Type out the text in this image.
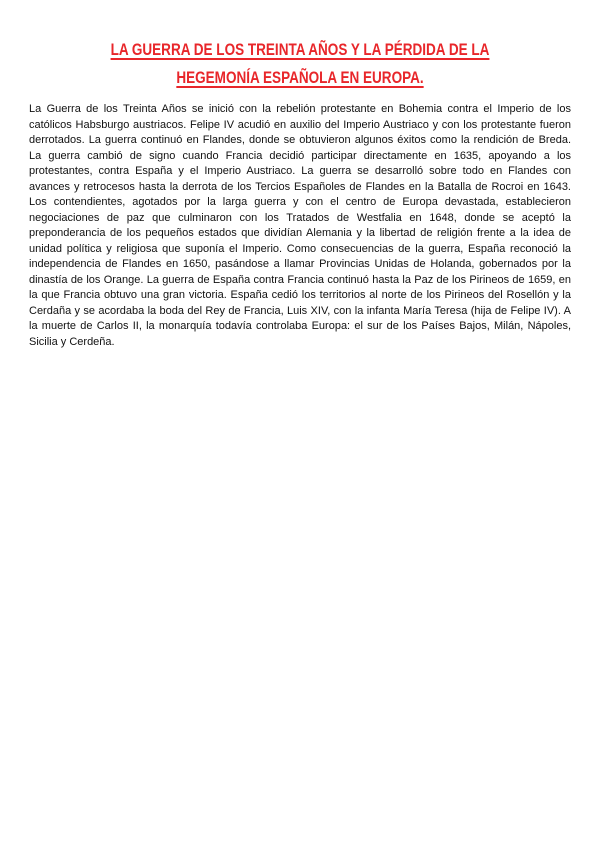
LA GUERRA DE LOS TREINTA AÑOS Y LA PÉRDIDA DE LA HEGEMONÍA ESPAÑOLA EN EUROPA.

La Guerra de los Treinta Años se inició con la rebelión protestante en Bohemia contra el Imperio de los católicos Habsburgo austriacos. Felipe IV acudió en auxilio del Imperio Austriaco y con los protestante fueron derrotados. La guerra continuó en Flandes, donde se obtuvieron algunos éxitos como la rendición de Breda. La guerra cambió de signo cuando Francia decidió participar directamente en 1635, apoyando a los protestantes, contra España y el Imperio Austriaco. La guerra se desarrolló sobre todo en Flandes con avances y retrocesos hasta la derrota de los Tercios Españoles de Flandes en la Batalla de Rocroi en 1643. Los contendientes, agotados por la larga guerra y con el centro de Europa devastada, establecieron negociaciones de paz que culminaron con los Tratados de Westfalia en 1648, donde se aceptó la preponderancia de los pequeños estados que dividían Alemania y la libertad de religión frente a la idea de unidad política y religiosa que suponía el Imperio. Como consecuencias de la guerra, España reconoció la independencia de Flandes en 1650, pasándose a llamar Provincias Unidas de Holanda, gobernados por la dinastía de los Orange. La guerra de España contra Francia continuó hasta la Paz de los Pirineos de 1659, en la que Francia obtuvo una gran victoria. España cedió los territorios al norte de los Pirineos del Rosellón y la Cerdaña y se acordaba la boda del Rey de Francia, Luis XIV, con la infanta María Teresa (hija de Felipe IV). A la muerte de Carlos II, la monarquía todavía controlaba Europa: el sur de los Países Bajos, Milán, Nápoles, Sicilia y Cerdeña.
